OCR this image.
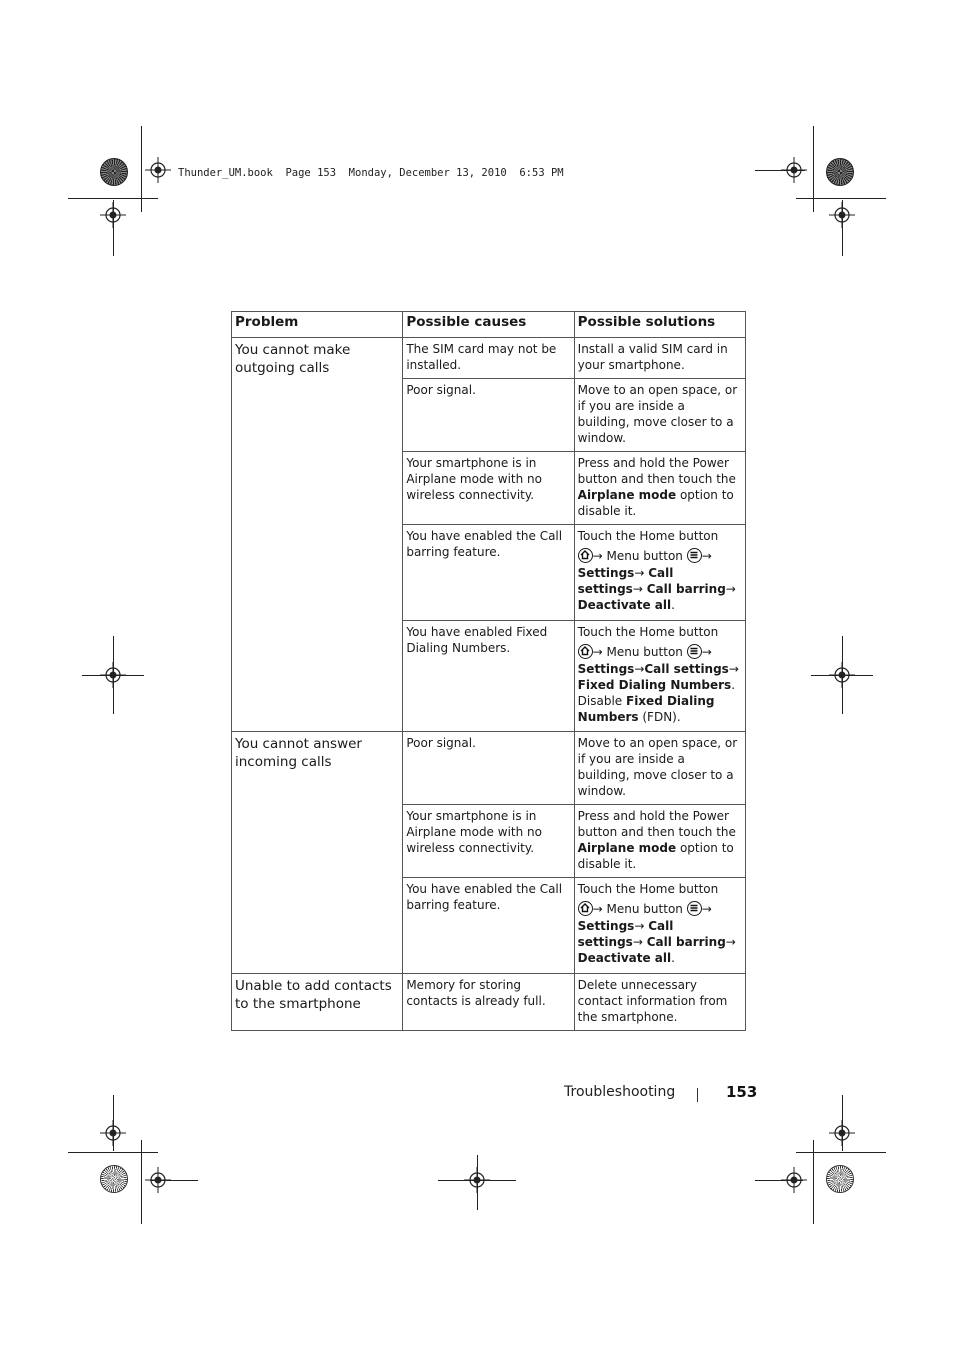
Thunder_UM.book  Page 153  Monday, December 13, 2010  6:53 PM
Problem	Possible causes	Possible solutions
You cannot make outgoing calls	The SIM card may not be installed.	Install a valid SIM card in your smartphone.
	Poor signal.	Move to an open space, or if you are inside a building, move closer to a window.
	Your smartphone is in Airplane mode with no wireless connectivity.	Press and hold the Power button and then touch the Airplane mode option to disable it.
	You have enabled the Call barring feature.	Touch the Home button
→ Menu button →
Settings→ Call settings→ Call barring→ Deactivate all.
	You have enabled Fixed Dialing Numbers.	Touch the Home button
→ Menu button →
Settings→Call settings→ Fixed Dialing Numbers. Disable Fixed Dialing Numbers (FDN).
You cannot answer incoming calls	Poor signal.	Move to an open space, or if you are inside a building, move closer to a window.
	Your smartphone is in Airplane mode with no wireless connectivity.	Press and hold the Power button and then touch the Airplane mode option to disable it.
	You have enabled the Call barring feature.	Touch the Home button
→ Menu button →
Settings→ Call settings→ Call barring→ Deactivate all.
Unable to add contacts to the smartphone	Memory for storing contacts is already full.	Delete unnecessary contact information from the smartphone.
Troubleshooting	153
